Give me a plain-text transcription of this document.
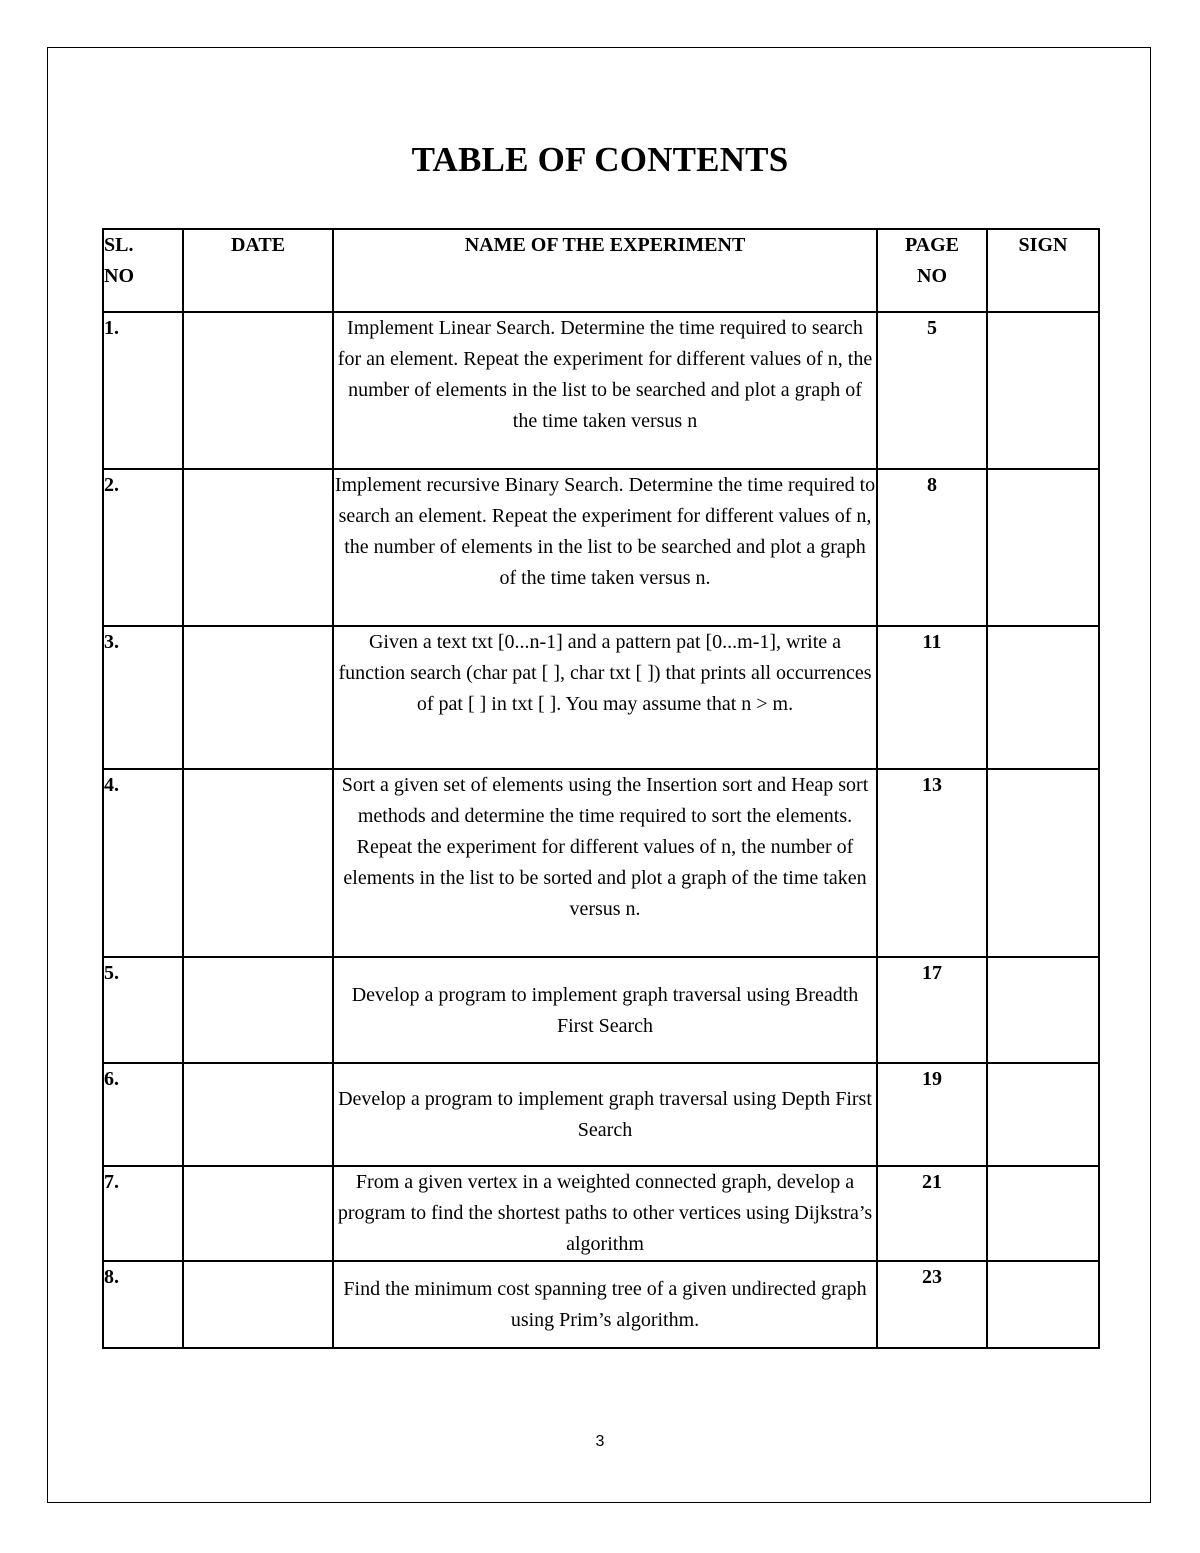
TABLE OF CONTENTS
SL. NO	DATE	NAME OF THE EXPERIMENT	PAGE NO	SIGN
1.		Implement Linear Search. Determine the time required to search for an element. Repeat the experiment for different values of n, the number of elements in the list to be searched and plot a graph of the time taken versus n	5	
2.		Implement recursive Binary Search. Determine the time required to search an element. Repeat the experiment for different values of n, the number of elements in the list to be searched and plot a graph of the time taken versus n.	8	
3.		Given a text txt [0...n-1] and a pattern pat [0...m-1], write a function search (char pat [ ], char txt [ ]) that prints all occurrences of pat [ ] in txt [ ]. You may assume that n > m.	11	
4.		Sort a given set of elements using the Insertion sort and Heap sort methods and determine the time required to sort the elements. Repeat the experiment for different values of n, the number of elements in the list to be sorted and plot a graph of the time taken versus n.	13	
5.		Develop a program to implement graph traversal using Breadth First Search	17	
6.		Develop a program to implement graph traversal using Depth First Search	19	
7.		From a given vertex in a weighted connected graph, develop a program to find the shortest paths to other vertices using Dijkstra’s algorithm	21	
8.		Find the minimum cost spanning tree of a given undirected graph using Prim’s algorithm.	23	
3
